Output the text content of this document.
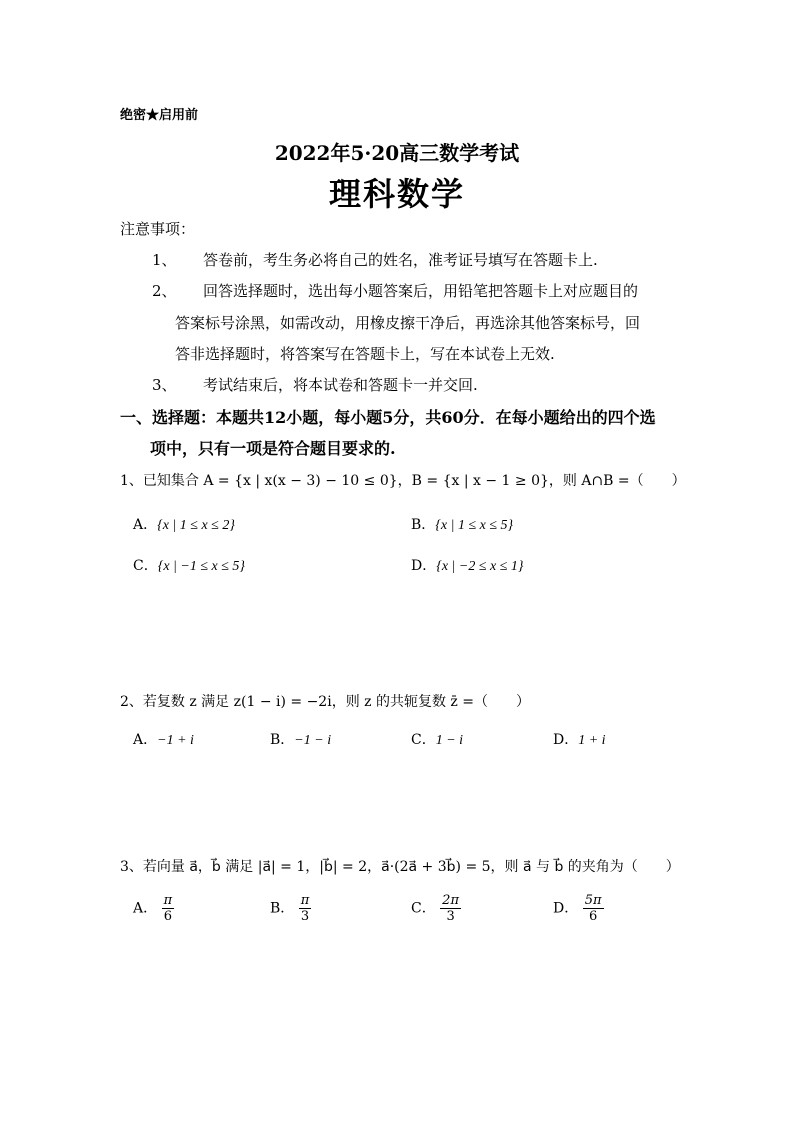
绝密★启用前
2022年5·20高三数学考试
理科数学
注意事项：
1、 答卷前，考生务必将自己的姓名，准考证号填写在答题卡上.
2、 回答选择题时，选出每小题答案后，用铅笔把答题卡上对应题目的
答案标号涂黑，如需改动，用橡皮擦干净后，再选涂其他答案标号，回
答非选择题时，将答案写在答题卡上，写在本试卷上无效.
3、 考试结束后，将本试卷和答题卡一并交回.
一、选择题：本题共12小题，每小题5分，共60分．在每小题给出的四个选
项中，只有一项是符合题目要求的.
1、已知集合 A = {x | x(x − 3) − 10 ≤ 0}，B = {x | x − 1 ≥ 0}，则 A∩B =（　　）
A．{x | 1 ≤ x ≤ 2}	B．{x | 1 ≤ x ≤ 5}
C．{x | −1 ≤ x ≤ 5}	D．{x | −2 ≤ x ≤ 1}
2、若复数 z 满足 z(1 − i) = −2i，则 z 的共轭复数 z̄ =（　　）
A．−1 + i	B．−1 − i	C．1 − i	D．1 + i
3、若向量 a⃗，b⃗ 满足 |a⃗| = 1，|b⃗| = 2，a⃗·(2a⃗ + 3b⃗) = 5，则 a⃗ 与 b⃗ 的夹角为（　　）
A． $\frac{\pi}{6}$	B． $\frac{\pi}{3}$	C． $\frac{2\pi}{3}$	D． $\frac{5\pi}{6}$
